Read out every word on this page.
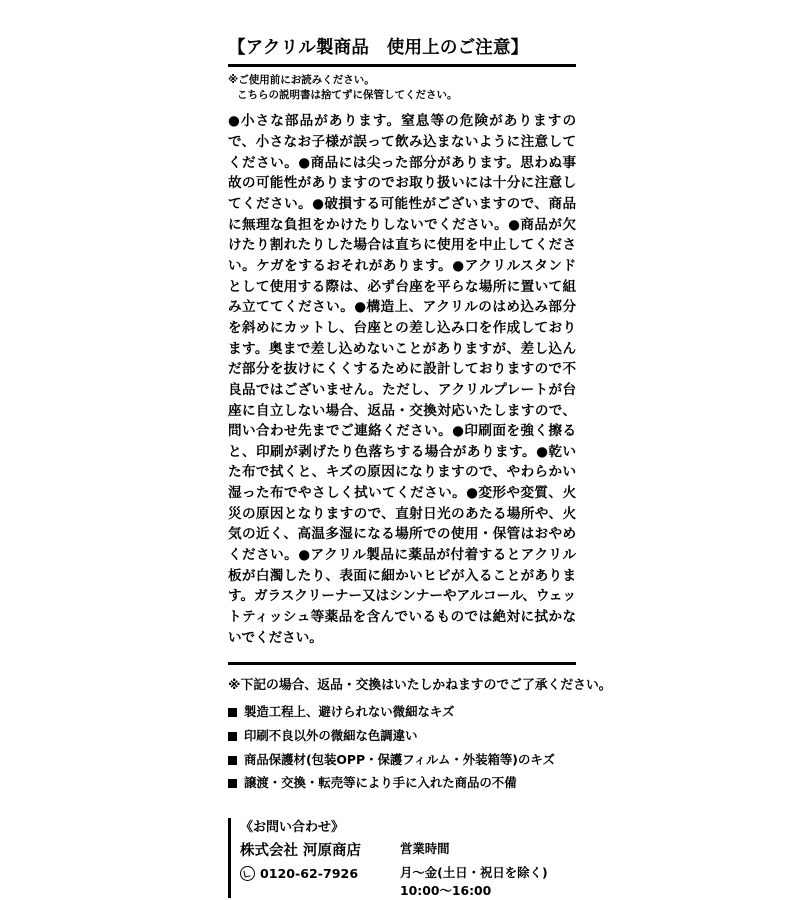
【アクリル製商品　使用上のご注意】
※ご使用前にお読みください。
こちらの説明書は捨てずに保管してください。

●小さな部品があります。窒息等の危険がありますので、小さなお子様が誤って飲み込まないように注意してください。●商品には尖った部分があります。思わぬ事故の可能性がありますのでお取り扱いには十分に注意してください。●破損する可能性がございますので、商品に無理な負担をかけたりしないでください。●商品が欠けたり割れたりした場合は直ちに使用を中止してください。ケガをするおそれがあります。●アクリルスタンドとして使用する際は、必ず台座を平らな場所に置いて組み立ててください。●構造上、アクリルのはめ込み部分を斜めにカットし、台座との差し込み口を作成しております。奥まで差し込めないことがありますが、差し込んだ部分を抜けにくくするために設計しておりますので不良品ではございません。ただし、アクリルプレートが台座に自立しない場合、返品・交換対応いたしますので、問い合わせ先までご連絡ください。●印刷面を強く擦ると、印刷が剥げたり色落ちする場合があります。●乾いた布で拭くと、キズの原因になりますので、やわらかい湿った布でやさしく拭いてください。●変形や変質、火災の原因となりますので、直射日光のあたる場所や、火気の近く、高温多湿になる場所での使用・保管はおやめください。●アクリル製品に薬品が付着するとアクリル板が白濁したり、表面に細かいヒビが入ることがあります。ガラスクリーナー又はシンナーやアルコール、ウェットティッシュ等薬品を含んでいるものでは絶対に拭かないでください。

※下記の場合、返品・交換はいたしかねますのでご了承ください。

製造工程上、避けられない微細なキズ
印刷不良以外の微細な色調違い
商品保護材(包装OPP・保護フィルム・外装箱等)のキズ
譲渡・交換・転売等により手に入れた商品の不備

《お問い合わせ》

株式会社 河原商店

0120-62-7926

営業時間

月〜金(土日・祝日を除く)
10:00〜16:00
